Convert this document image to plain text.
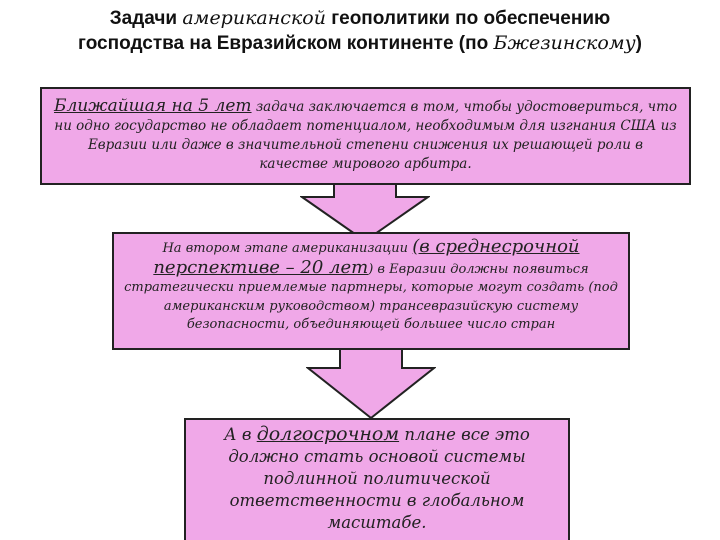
Задачи американской геополитики по обеспечению
господства на Евразийском континенте (по Бжезинскому)

Ближайшая на 5 лет задача заключается в том, чтобы удостовериться, что ни одно государство не обладает потенциалом, необходимым для изгнания США из Евразии или даже в значительной степени снижения их решающей роли в качестве мирового арбитра.

На втором этапе американизации (в среднесрочной перспективе – 20 лет) в Евразии должны появиться стратегически приемлемые партнеры, которые могут создать (под американским руководством) трансевразийскую систему безопасности, объединяющей большее число стран

А в долгосрочном плане все это должно стать основой системы подлинной политической ответственности в глобальном масштабе.
